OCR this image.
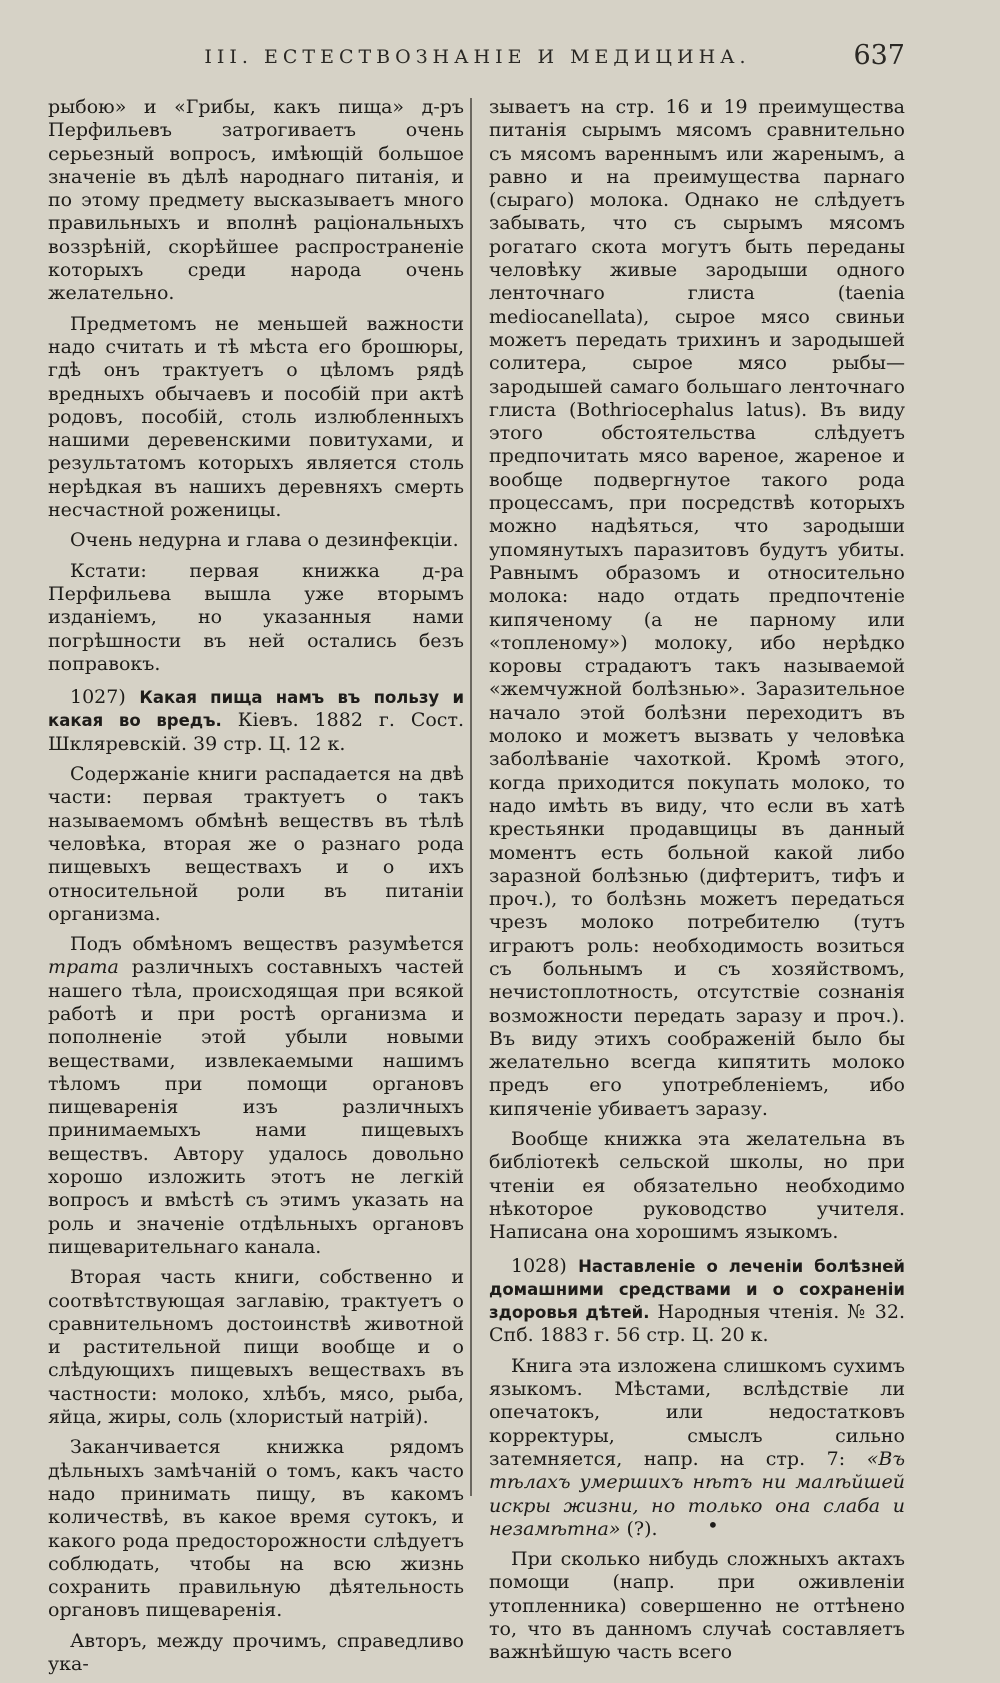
III. ЕСТЕСТВОЗНАНІЕ И МЕДИЦИНА.	637

рыбою» и «Грибы, какъ пища» д-ръ Перфильевъ затрогиваетъ очень серьезный вопросъ, имѣющій большое значеніе въ дѣлѣ народнаго питанія, и по этому предмету высказываетъ много правильныхъ и вполнѣ раціональныхъ воззрѣній, скорѣйшее распространеніе которыхъ среди народа очень желательно.

Предметомъ не меньшей важности надо считать и тѣ мѣста его брошюры, гдѣ онъ трактуетъ о цѣломъ рядѣ вредныхъ обычаевъ и пособій при актѣ родовъ, пособій, столь излюбленныхъ нашими деревенскими повитухами, и результатомъ которыхъ является столь нерѣдкая въ нашихъ деревняхъ смерть несчастной роженицы.

Очень недурна и глава о дезинфекціи.

Кстати: первая книжка д-ра Перфильева вышла уже вторымъ изданіемъ, но указанныя нами погрѣшности въ ней остались безъ поправокъ.

1027) Какая пища намъ въ пользу и какая во вредъ. Кіевъ. 1882 г. Сост. Шкляревскій. 39 стр. Ц. 12 к.

Содержаніе книги распадается на двѣ части: первая трактуетъ о такъ называемомъ обмѣнѣ веществъ въ тѣлѣ человѣка, вторая же о разнаго рода пищевыхъ веществахъ и о ихъ относительной роли въ питаніи организма.

Подъ обмѣномъ веществъ разумѣется трата различныхъ составныхъ частей нашего тѣла, происходящая при всякой работѣ и при ростѣ организма и пополненіе этой убыли новыми веществами, извлекаемыми нашимъ тѣломъ при помощи органовъ пищеваренія изъ различныхъ принимаемыхъ нами пищевыхъ веществъ. Автору удалось довольно хорошо изложить этотъ не легкій вопросъ и вмѣстѣ съ этимъ указать на роль и значеніе отдѣльныхъ органовъ пищеварительнаго канала.

Вторая часть книги, собственно и соотвѣтствующая заглавію, трактуетъ о сравнительномъ достоинствѣ животной и растительной пищи вообще и о слѣдующихъ пищевыхъ веществахъ въ частности: молоко, хлѣбъ, мясо, рыба, яйца, жиры, соль (хлористый натрій).

Заканчивается книжка рядомъ дѣльныхъ замѣчаній о томъ, какъ часто надо принимать пищу, въ какомъ количествѣ, въ какое время сутокъ, и какого рода предосторожности слѣдуетъ соблюдать, чтобы на всю жизнь сохранить правильную дѣятельность органовъ пищеваренія.

Авторъ, между прочимъ, справедливо ука-

зываетъ на стр. 16 и 19 преимущества питанія сырымъ мясомъ сравнительно съ мясомъ вареннымъ или жаренымъ, а равно и на преимущества парнаго (сыраго) молока. Однако не слѣдуетъ забывать, что съ сырымъ мясомъ рогатаго скота могутъ быть переданы человѣку живые зародыши одного ленточнаго глиста (taenia mediocanellata), сырое мясо свиньи можетъ передать трихинъ и зародышей солитера, сырое мясо рыбы— зародышей самаго большаго ленточнаго глиста (Bothriocephalus latus). Въ виду этого обстоятельства слѣдуетъ предпочитать мясо вареное, жареное и вообще подвергнутое такого рода процессамъ, при посредствѣ которыхъ можно надѣяться, что зародыши упомянутыхъ паразитовъ будутъ убиты. Равнымъ образомъ и относительно молока: надо отдать предпочтеніе кипяченому (а не парному или «топленому») молоку, ибо нерѣдко коровы страдаютъ такъ называемой «жемчужной болѣзнью». Заразительное начало этой болѣзни переходитъ въ молоко и можетъ вызвать у человѣка заболѣваніе чахоткой. Кромѣ этого, когда приходится покупать молоко, то надо имѣть въ виду, что если въ хатѣ крестьянки продавщицы въ данный моментъ есть больной какой либо заразной болѣзнью (дифтеритъ, тифъ и проч.), то болѣзнь можетъ передаться чрезъ молоко потребителю (тутъ играютъ роль: необходимость возиться съ больнымъ и съ хозяйствомъ, нечистоплотность, отсутствіе сознанія возможности передать заразу и проч.). Въ виду этихъ соображеній было бы желательно всегда кипятить молоко предъ его употребленіемъ, ибо кипяченіе убиваетъ заразу.

Вообще книжка эта желательна въ библіотекѣ сельской школы, но при чтеніи ея обязательно необходимо нѣкоторое руководство учителя. Написана она хорошимъ языкомъ.

1028) Наставленіе о леченіи болѣзней домашними средствами и о сохраненіи здоровья дѣтей. Народныя чтенія. № 32. Спб. 1883 г. 56 стр. Ц. 20 к.

Книга эта изложена слишкомъ сухимъ языкомъ. Мѣстами, вслѣдствіе ли опечатокъ, или недостатковъ корректуры, смыслъ сильно затемняется, напр. на стр. 7: «Въ тѣлахъ умершихъ нѣтъ ни малѣйшей искры жизни, но только она слаба и незамѣтна» (?).

При сколько нибудь сложныхъ актахъ помощи (напр. при оживленіи утопленника) совершенно не оттѣнено то, что въ данномъ случаѣ составляетъ важнѣйшую часть всего

•
